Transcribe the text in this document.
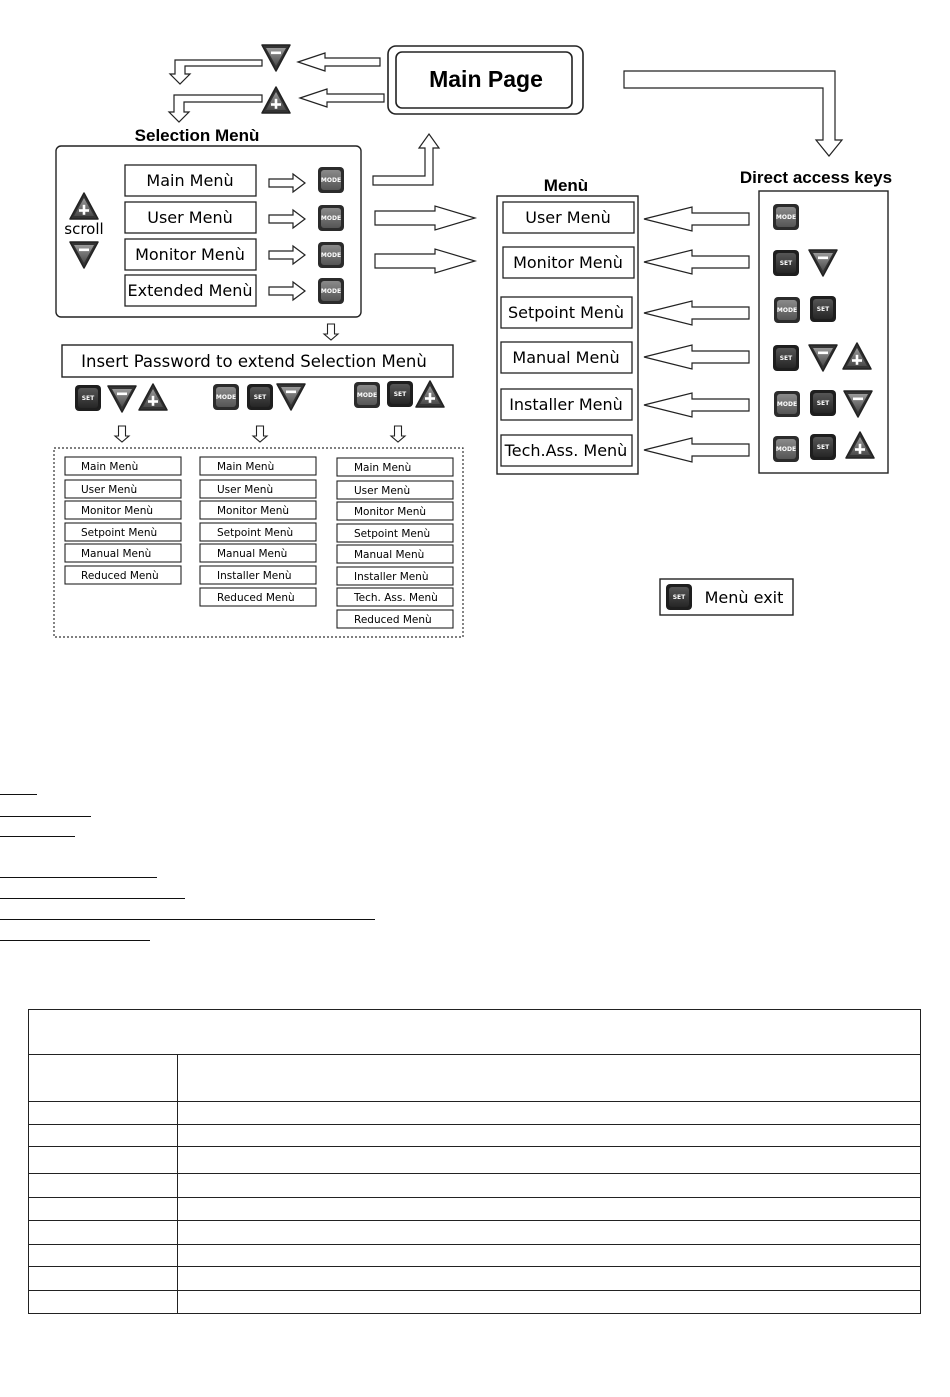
Main Page
Selection Menù
scroll
Main Menù
User Menù
Monitor Menù
Extended Menù
MODE
MODE
MODE
MODE
Insert Password to extend Selection Menù
SET	MODE	SET	MODE	SET
Main Menù
User Menù
Monitor Menù
Setpoint Menù
Manual Menù
Reduced Menù
Main Menù
User Menù
Monitor Menù
Setpoint Menù
Manual Menù
Installer Menù
Reduced Menù
Main Menù
User Menù
Monitor Menù
Setpoint Menù
Manual Menù
Installer Menù
Tech. Ass. Menù
Reduced Menù
Menù
User Menù
Monitor Menù
Setpoint Menù
Manual Menù
Installer Menù
Tech.Ass. Menù
Direct access keys
MODE
SET
MODE	SET
SET
MODE	SET
MODE	SET
SET Menù exit
